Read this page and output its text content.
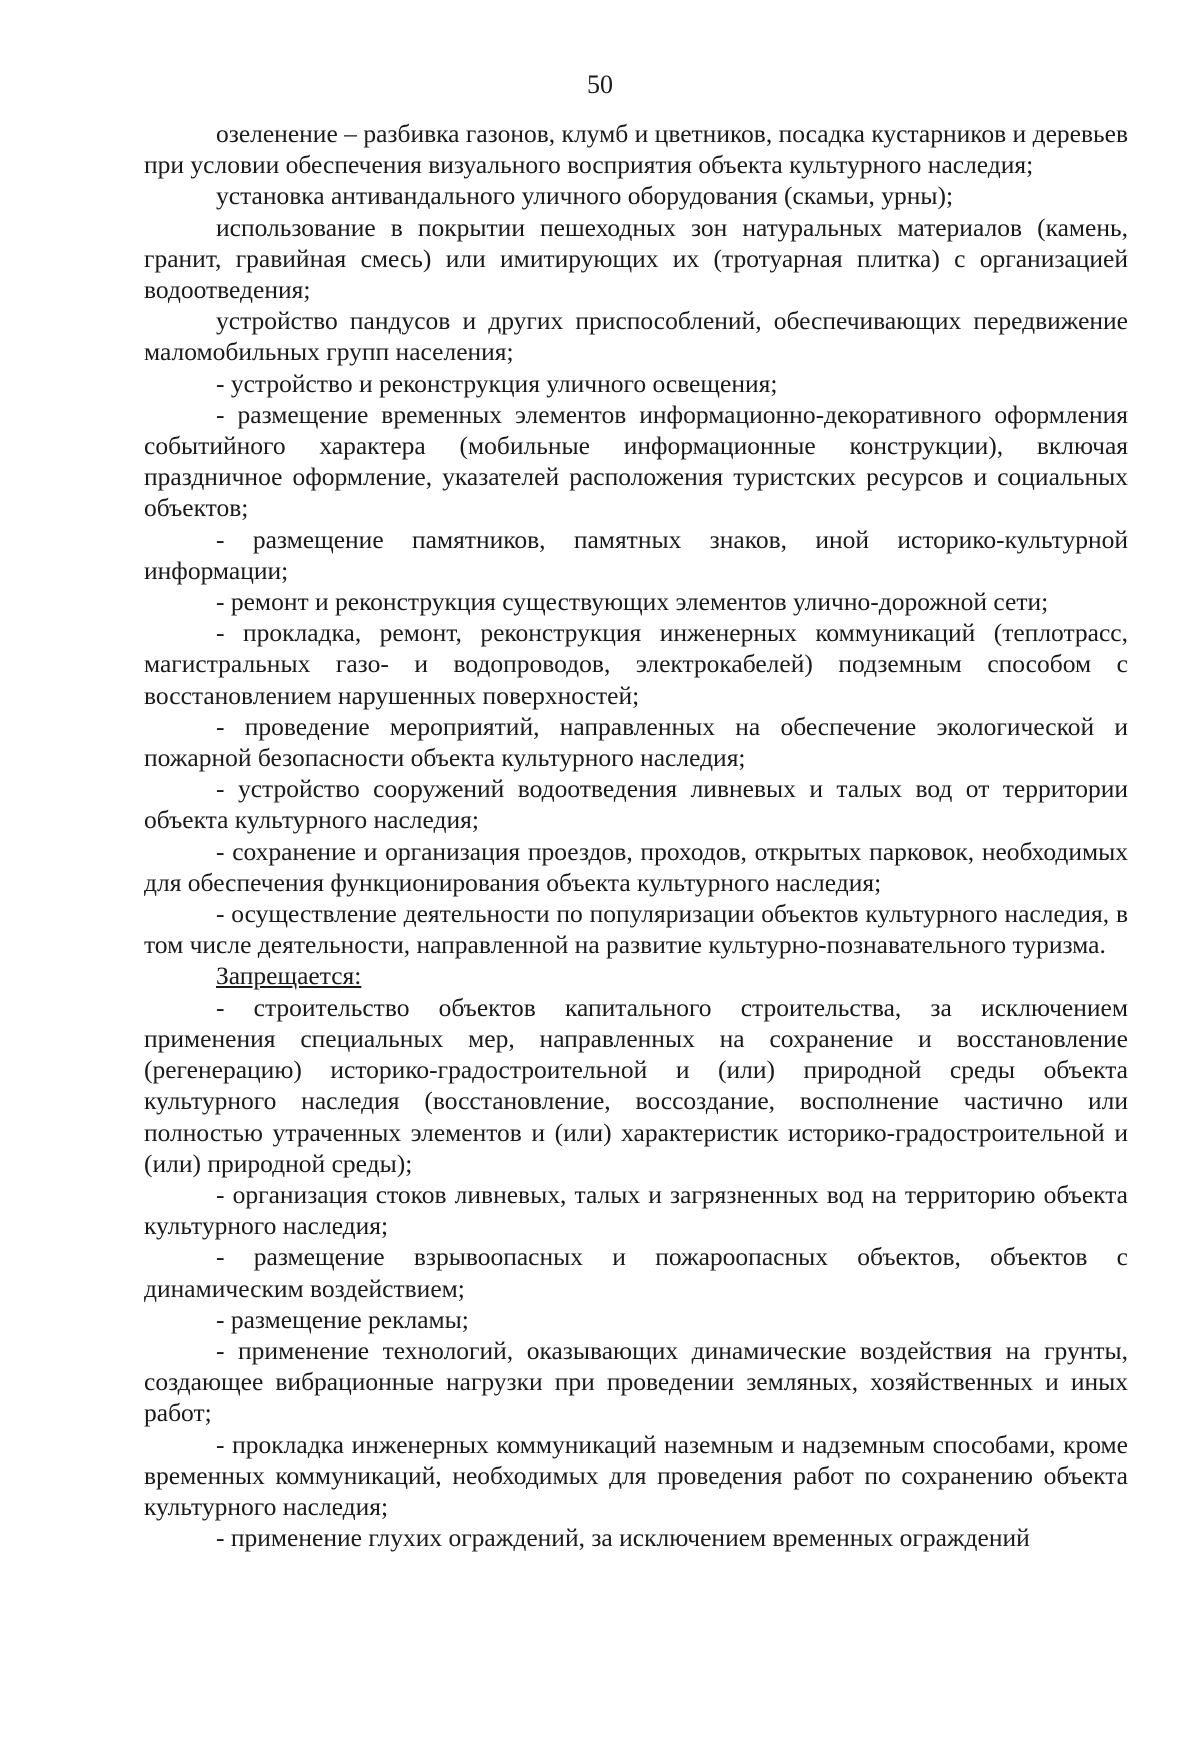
50

озеленение – разбивка газонов, клумб и цветников, посадка кустарников и деревьев при условии обеспечения визуального восприятия объекта культурного наследия;

установка антивандального уличного оборудования (скамьи, урны);

использование в покрытии пешеходных зон натуральных материалов (камень, гранит, гравийная смесь) или имитирующих их (тротуарная плитка) с организацией водоотведения;

устройство пандусов и других приспособлений, обеспечивающих передвижение маломобильных групп населения;

- устройство и реконструкция уличного освещения;

- размещение временных элементов информационно-декоративного оформления событийного характера (мобильные информационные конструкции), включая праздничное оформление, указателей расположения туристских ресурсов и социальных объектов;

- размещение памятников, памятных знаков, иной историко-культурной информации;

- ремонт и реконструкция существующих элементов улично-дорожной сети;

- прокладка, ремонт, реконструкция инженерных коммуникаций (теплотрасс, магистральных газо- и водопроводов, электрокабелей) подземным способом с восстановлением нарушенных поверхностей;

- проведение мероприятий, направленных на обеспечение экологической и пожарной безопасности объекта культурного наследия;

- устройство сооружений водоотведения ливневых и талых вод от территории объекта культурного наследия;

- сохранение и организация проездов, проходов, открытых парковок, необходимых для обеспечения функционирования объекта культурного наследия;

- осуществление деятельности по популяризации объектов культурного наследия, в том числе деятельности, направленной на развитие культурно-познавательного туризма.

Запрещается:

- строительство объектов капитального строительства, за исключением применения специальных мер, направленных на сохранение и восстановление (регенерацию) историко-градостроительной и (или) природной среды объекта культурного наследия (восстановление, воссоздание, восполнение частично или полностью утраченных элементов и (или) характеристик историко-градостроительной и (или) природной среды);

- организация стоков ливневых, талых и загрязненных вод на территорию объекта культурного наследия;

- размещение взрывоопасных и пожароопасных объектов, объектов с динамическим воздействием;

- размещение рекламы;

- применение технологий, оказывающих динамические воздействия на грунты, создающее вибрационные нагрузки при проведении земляных, хозяйственных и иных работ;

- прокладка инженерных коммуникаций наземным и надземным способами, кроме временных коммуникаций, необходимых для проведения работ по сохранению объекта культурного наследия;

- применение глухих ограждений, за исключением временных ограждений
